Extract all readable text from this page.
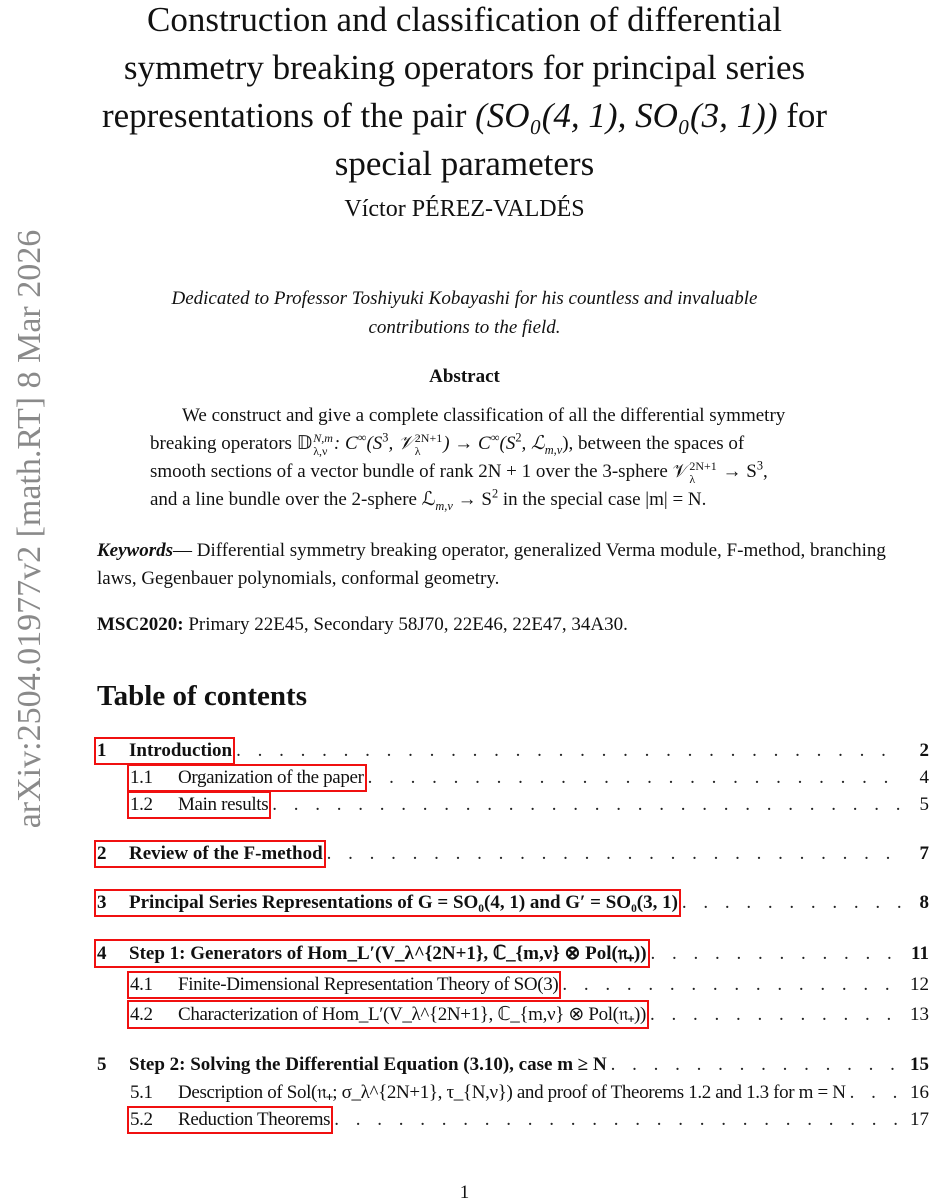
arXiv:2504.01977v2 [math.RT] 8 Mar 2026
Construction and classification of differential
symmetry breaking operators for principal series
representations of the pair (SO₀(4, 1), SO₀(3, 1)) for
special parameters
Víctor PÉREZ-VALDÉS
Dedicated to Professor Toshiyuki Kobayashi for his countless and invaluable
contributions to the field.
Abstract
We construct and give a complete classification of all the differential symmetry
breaking operators 𝔻 N,m
λ,ν : $C^\infty(S^3$, 𝒱 2N+1
λ	) → $C^\infty(S^2$, ℒ$_{m,\nu}$), between the spaces of
smooth sections of a vector bundle of rank 2N + 1 over the 3-sphere 𝒱 2N+1
λ	→ $S^3$,
and a line bundle over the 2-sphere ℒ$_{m,\nu}$ → $S^2$ in the special case |m| = N.
Keywords— Differential symmetry breaking operator, generalized Verma module, F-method, branching laws, Gegenbauer polynomials, conformal geometry.
MSC2020: Primary 22E45, Secondary 58J70, 22E46, 22E47, 34A30.
Table of contents
1 Introduction . . .	2
1.1 Organization of the paper . . .	4
1.2 Main results . . .	5
2 Review of the F-method . . .	7
3 Principal Series Representations of G = SO₀(4, 1) and G′ = SO₀(3, 1) . . .	8
4 Step 1: Generators of Hom_L′(V_λ^{2N+1}, ℂ_{m,ν} ⊗ Pol(𝔫₊)) . . .	11
4.1 Finite-Dimensional Representation Theory of SO(3) . . .	12
4.2 Characterization of Hom_L′(V_λ^{2N+1}, ℂ_{m,ν} ⊗ Pol(𝔫₊)) . . .	13
5 Step 2: Solving the Differential Equation (3.10), case m ≥ N . . .	15
5.1 Description of Sol(𝔫₊; σ_λ^{2N+1}, τ_{N,ν}) and proof of Theorems 1.2 and 1.3 for m = N . . .	16
5.2 Reduction Theorems . . .	17
1
